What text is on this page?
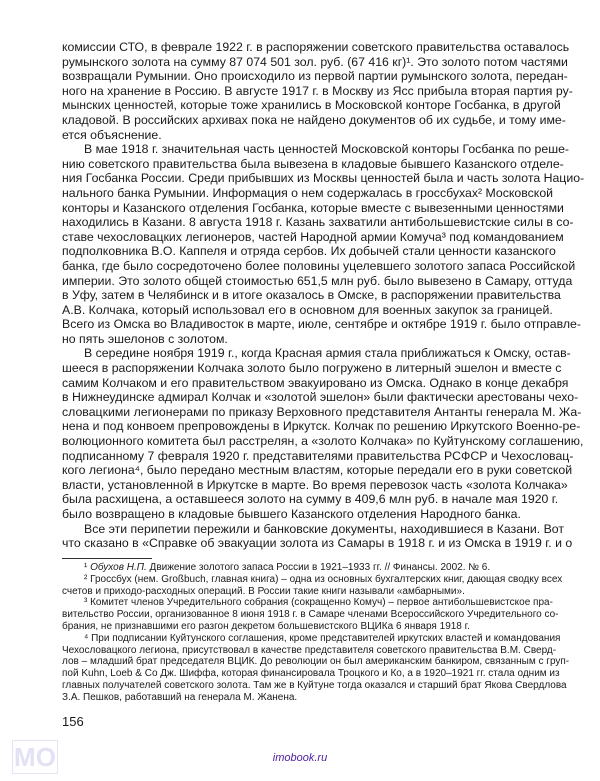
комиссии СТО, в феврале 1922 г. в распоряжении советского правительства оставалось
румынского золота на сумму 87 074 501 зол. руб. (67 416 кг)¹. Это золото потом частями
возвращали Румынии. Оно происходило из первой партии румынского золота, передан-
ного на хранение в Россию. В августе 1917 г. в Москву из Ясс прибыла вторая партия ру-
мынских ценностей, которые тоже хранились в Московской конторе Госбанка, в другой
кладовой. В российских архивах пока не найдено документов об их судьбе, и тому име-
ется объяснение.
В мае 1918 г. значительная часть ценностей Московской конторы Госбанка по реше-
нию советского правительства была вывезена в кладовые бывшего Казанского отделе-
ния Госбанка России. Среди прибывших из Москвы ценностей была и часть золота Нацио-
нального банка Румынии. Информация о нем содержалась в гроссбухах² Московской
конторы и Казанского отделения Госбанка, которые вместе с вывезенными ценностями
находились в Казани. 8 августа 1918 г. Казань захватили антибольшевистские силы в со-
ставе чехословацких легионеров, частей Народной армии Комуча³ под командованием
подполковника В.О. Каппеля и отряда сербов. Их добычей стали ценности казанского
банка, где было сосредоточено более половины уцелевшего золотого запаса Российской
империи. Это золото общей стоимостью 651,5 млн руб. было вывезено в Самару, оттуда
в Уфу, затем в Челябинск и в итоге оказалось в Омске, в распоряжении правительства
А.В. Колчака, который использовал его в основном для военных закупок за границей.
Всего из Омска во Владивосток в марте, июле, сентябре и октябре 1919 г. было отправле-
но пять эшелонов с золотом.
В середине ноября 1919 г., когда Красная армия стала приближаться к Омску, остав-
шееся в распоряжении Колчака золото было погружено в литерный эшелон и вместе с
самим Колчаком и его правительством эвакуировано из Омска. Однако в конце декабря
в Нижнеудинске адмирал Колчак и «золотой эшелон» были фактически арестованы чехо-
словацкими легионерами по приказу Верховного представителя Антанты генерала М. Жа-
нена и под конвоем препровождены в Иркутск. Колчак по решению Иркутского Военно-ре-
волюционного комитета был расстрелян, а «золото Колчака» по Куйтунскому соглашению,
подписанному 7 февраля 1920 г. представителями правительства РСФСР и Чехословац-
кого легиона⁴, было передано местным властям, которые передали его в руки советской
власти, установленной в Иркутске в марте. Во время перевозок часть «золота Колчака»
была расхищена, а оставшееся золото на сумму в 409,6 млн руб. в начале мая 1920 г.
было возвращено в кладовые бывшего Казанского отделения Народного банка.
Все эти перипетии пережили и банковские документы, находившиеся в Казани. Вот
что сказано в «Справке об эвакуации золота из Самары в 1918 г. и из Омска в 1919 г. и о
¹ Обухов Н.П. Движение золотого запаса России в 1921–1933 гг. // Финансы. 2002. № 6.
² Гроссбух (нем. Großbuch, главная книга) – одна из основных бухгалтерских книг, дающая сводку всех
счетов и приходо-расходных операций. В России такие книги называли «амбарными».
³ Комитет членов Учредительного собрания (сокращенно Комуч) – первое антибольшевистское пра-
вительство России, организованное 8 июня 1918 г. в Самаре членами Всероссийского Учредительного со-
брания, не признавшими его разгон декретом большевистского ВЦИКа 6 января 1918 г.
⁴ При подписании Куйтунского соглашения, кроме представителей иркутских властей и командования
Чехословацкого легиона, присутствовал в качестве представителя советского правительства В.М. Сверд-
лов – младший брат председателя ВЦИК. До революции он был американским банкиром, связанным с груп-
пой Kuhn, Loeb & Co Дж. Шиффа, которая финансировала Троцкого и Ко, а в 1920–1921 гг. стала одним из
главных получателей советского золота. Там же в Куйтуне тогда оказался и старший брат Якова Свердлова
З.А. Пешков, работавший на генерала М. Жанена.
156
МО	imobook.ru
